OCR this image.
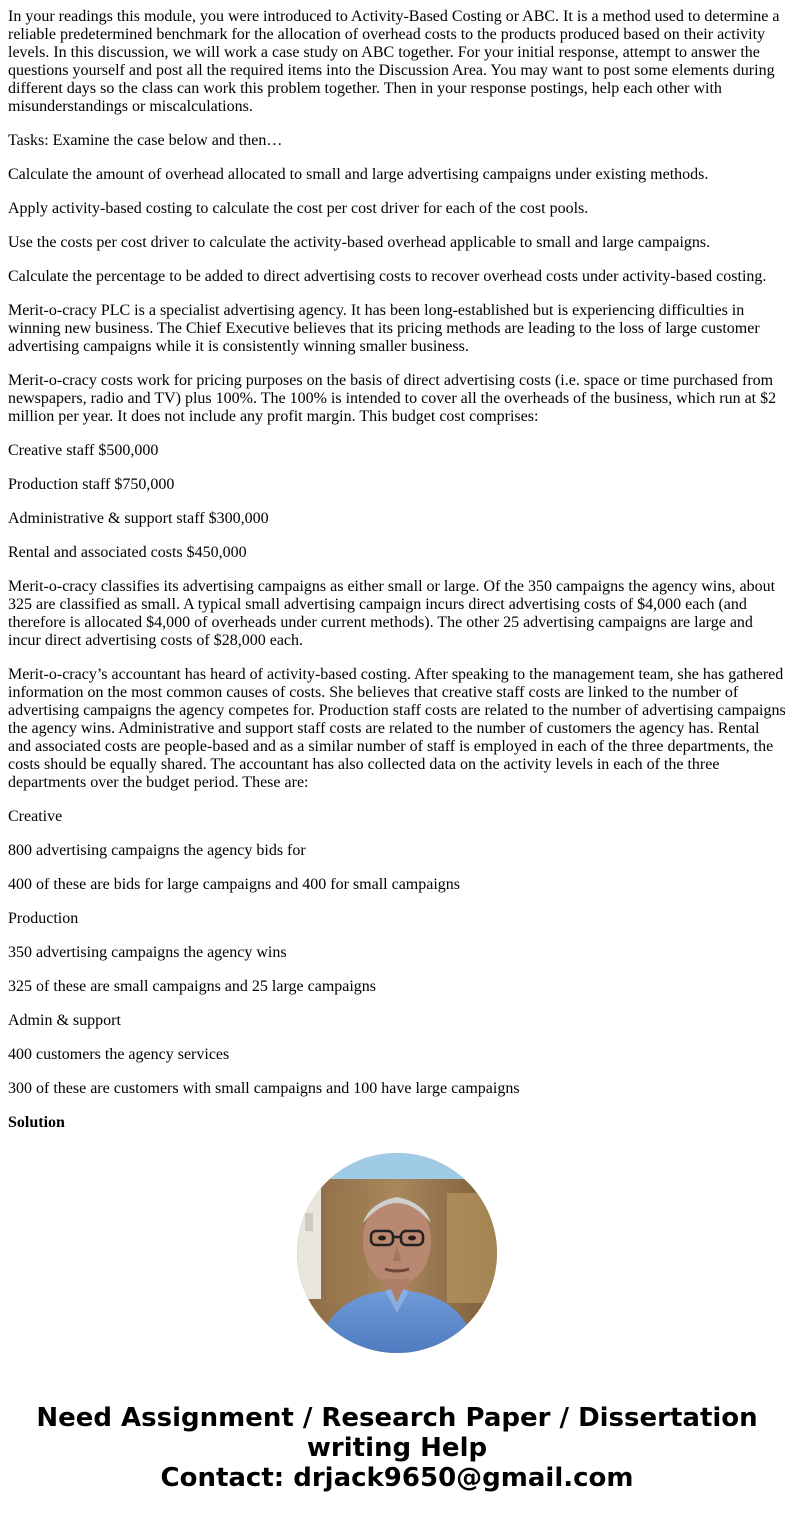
In your readings this module, you were introduced to Activity-Based Costing or ABC. It is a method used to determine a reliable predetermined benchmark for the allocation of overhead costs to the products produced based on their activity levels. In this discussion, we will work a case study on ABC together. For your initial response, attempt to answer the questions yourself and post all the required items into the Discussion Area. You may want to post some elements during different days so the class can work this problem together. Then in your response postings, help each other with misunderstandings or miscalculations.

Tasks: Examine the case below and then…

Calculate the amount of overhead allocated to small and large advertising campaigns under existing methods.

Apply activity-based costing to calculate the cost per cost driver for each of the cost pools.

Use the costs per cost driver to calculate the activity-based overhead applicable to small and large campaigns.

Calculate the percentage to be added to direct advertising costs to recover overhead costs under activity-based costing.

Merit-o-cracy PLC is a specialist advertising agency. It has been long-established but is experiencing difficulties in winning new business. The Chief Executive believes that its pricing methods are leading to the loss of large customer advertising campaigns while it is consistently winning smaller business.

Merit-o-cracy costs work for pricing purposes on the basis of direct advertising costs (i.e. space or time purchased from newspapers, radio and TV) plus 100%. The 100% is intended to cover all the overheads of the business, which run at $2 million per year. It does not include any profit margin. This budget cost comprises:

Creative staff $500,000

Production staff $750,000

Administrative & support staff $300,000

Rental and associated costs $450,000

Merit-o-cracy classifies its advertising campaigns as either small or large. Of the 350 campaigns the agency wins, about 325 are classified as small. A typical small advertising campaign incurs direct advertising costs of $4,000 each (and therefore is allocated $4,000 of overheads under current methods). The other 25 advertising campaigns are large and incur direct advertising costs of $28,000 each.

Merit-o-cracy’s accountant has heard of activity-based costing. After speaking to the management team, she has gathered information on the most common causes of costs. She believes that creative staff costs are linked to the number of advertising campaigns the agency competes for. Production staff costs are related to the number of advertising campaigns the agency wins. Administrative and support staff costs are related to the number of customers the agency has. Rental and associated costs are people-based and as a similar number of staff is employed in each of the three departments, the costs should be equally shared. The accountant has also collected data on the activity levels in each of the three departments over the budget period. These are:

Creative

800 advertising campaigns the agency bids for

400 of these are bids for large campaigns and 400 for small campaigns

Production

350 advertising campaigns the agency wins

325 of these are small campaigns and 25 large campaigns

Admin & support

400 customers the agency services

300 of these are customers with small campaigns and 100 have large campaigns

Solution

Need Assignment / Research Paper / Dissertation writing Help
Contact: drjack9650@gmail.com
